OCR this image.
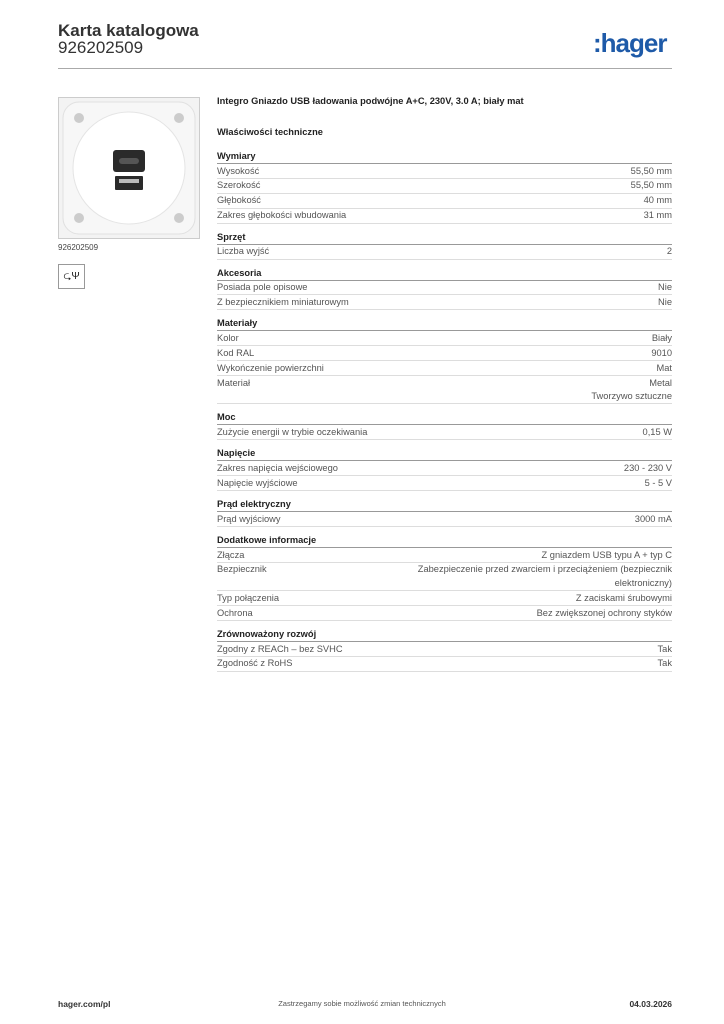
Karta katalogowa
926202509	:hager
926202509
⮎Ψ
Integro Gniazdo USB ładowania podwójne A+C, 230V, 3.0 A; biały mat
Właściwości techniczne
Wymiary
Wysokość	55,50 mm
Szerokość	55,50 mm
Głębokość	40 mm
Zakres głębokości wbudowania	31 mm
Sprzęt
Liczba wyjść	2
Akcesoria
Posiada pole opisowe	Nie
Z bezpiecznikiem miniaturowym	Nie
Materiały
Kolor	Biały
Kod RAL	9010
Wykończenie powierzchni	Mat
Materiał	Metal
Tworzywo sztuczne
Moc
Zużycie energii w trybie oczekiwania	0,15 W
Napięcie
Zakres napięcia wejściowego	230 - 230 V
Napięcie wyjściowe	5 - 5 V
Prąd elektryczny
Prąd wyjściowy	3000 mA
Dodatkowe informacje
Złącza	Z gniazdem USB typu A + typ C
Bezpiecznik	Zabezpieczenie przed zwarciem i przeciążeniem (bezpiecznik
elektroniczny)
Typ połączenia	Z zaciskami śrubowymi
Ochrona	Bez zwiększonej ochrony styków
Zrównoważony rozwój
Zgodny z REACh – bez SVHC	Tak
Zgodność z RoHS	Tak
hager.com/pl	Zastrzegamy sobie możliwość zmian technicznych	04.03.2026
